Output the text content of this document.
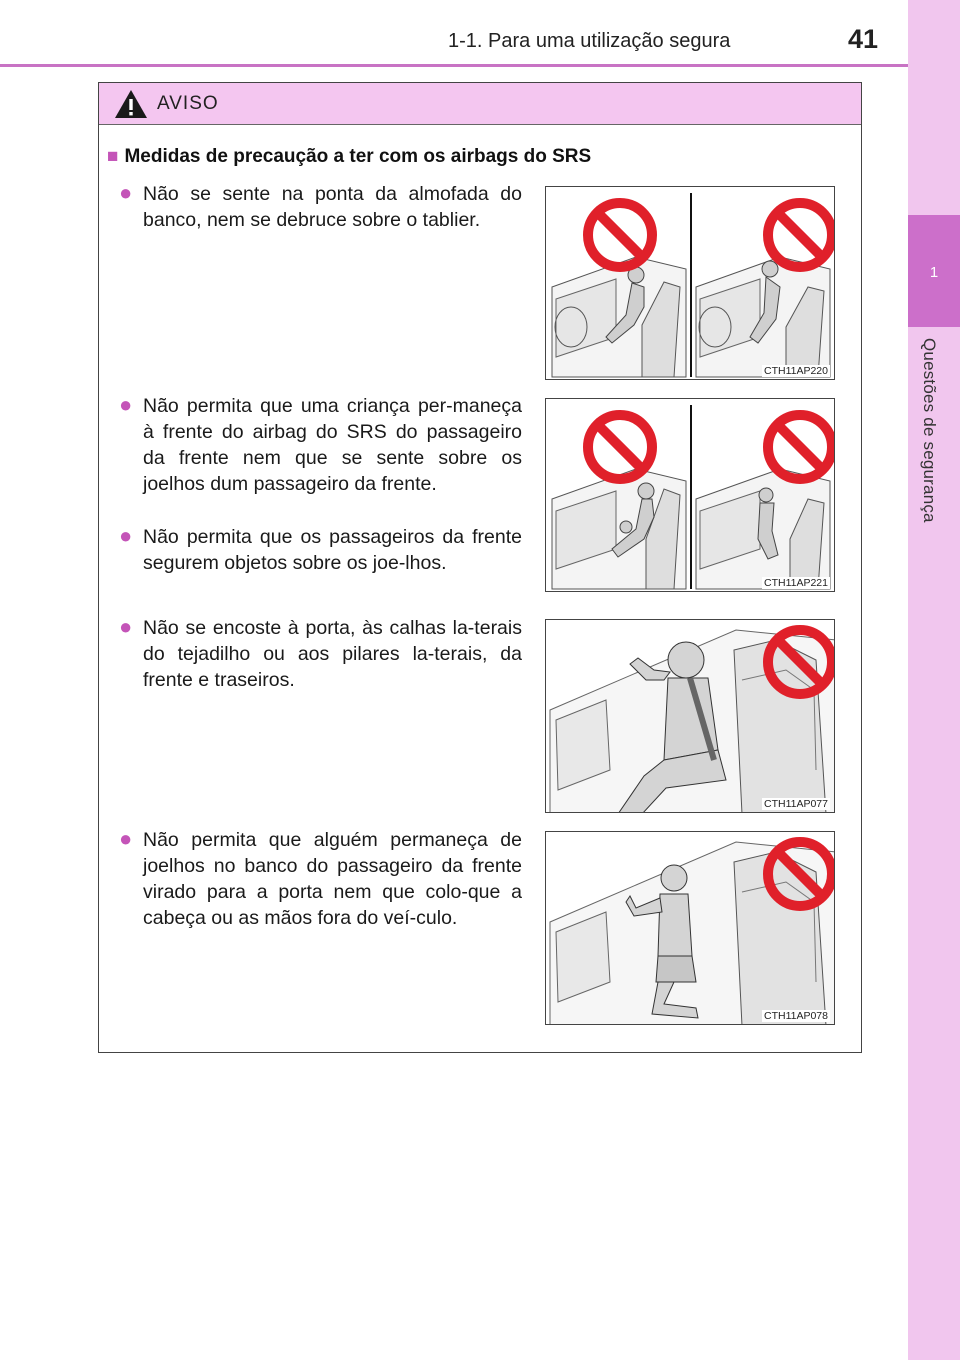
1-1. Para uma utilização segura	41
1
Questões de segurança
AVISO
■ Medidas de precaução a ter com os airbags do SRS
● Não se sente na ponta da almofada do banco, nem se debruce sobre o tablier.
● Não permita que uma criança per-maneça à frente do airbag do SRS do passageiro da frente nem que se sente sobre os joelhos dum passageiro da frente.
● Não permita que os passageiros da frente segurem objetos sobre os joe-lhos.
● Não se encoste à porta, às calhas la-terais do tejadilho ou aos pilares la-terais, da frente e traseiros.
● Não permita que alguém permaneça de joelhos no banco do passageiro da frente virado para a porta nem que colo-que a cabeça ou as mãos fora do veí-culo.
CTH11AP220
CTH11AP221
CTH11AP077
CTH11AP078
